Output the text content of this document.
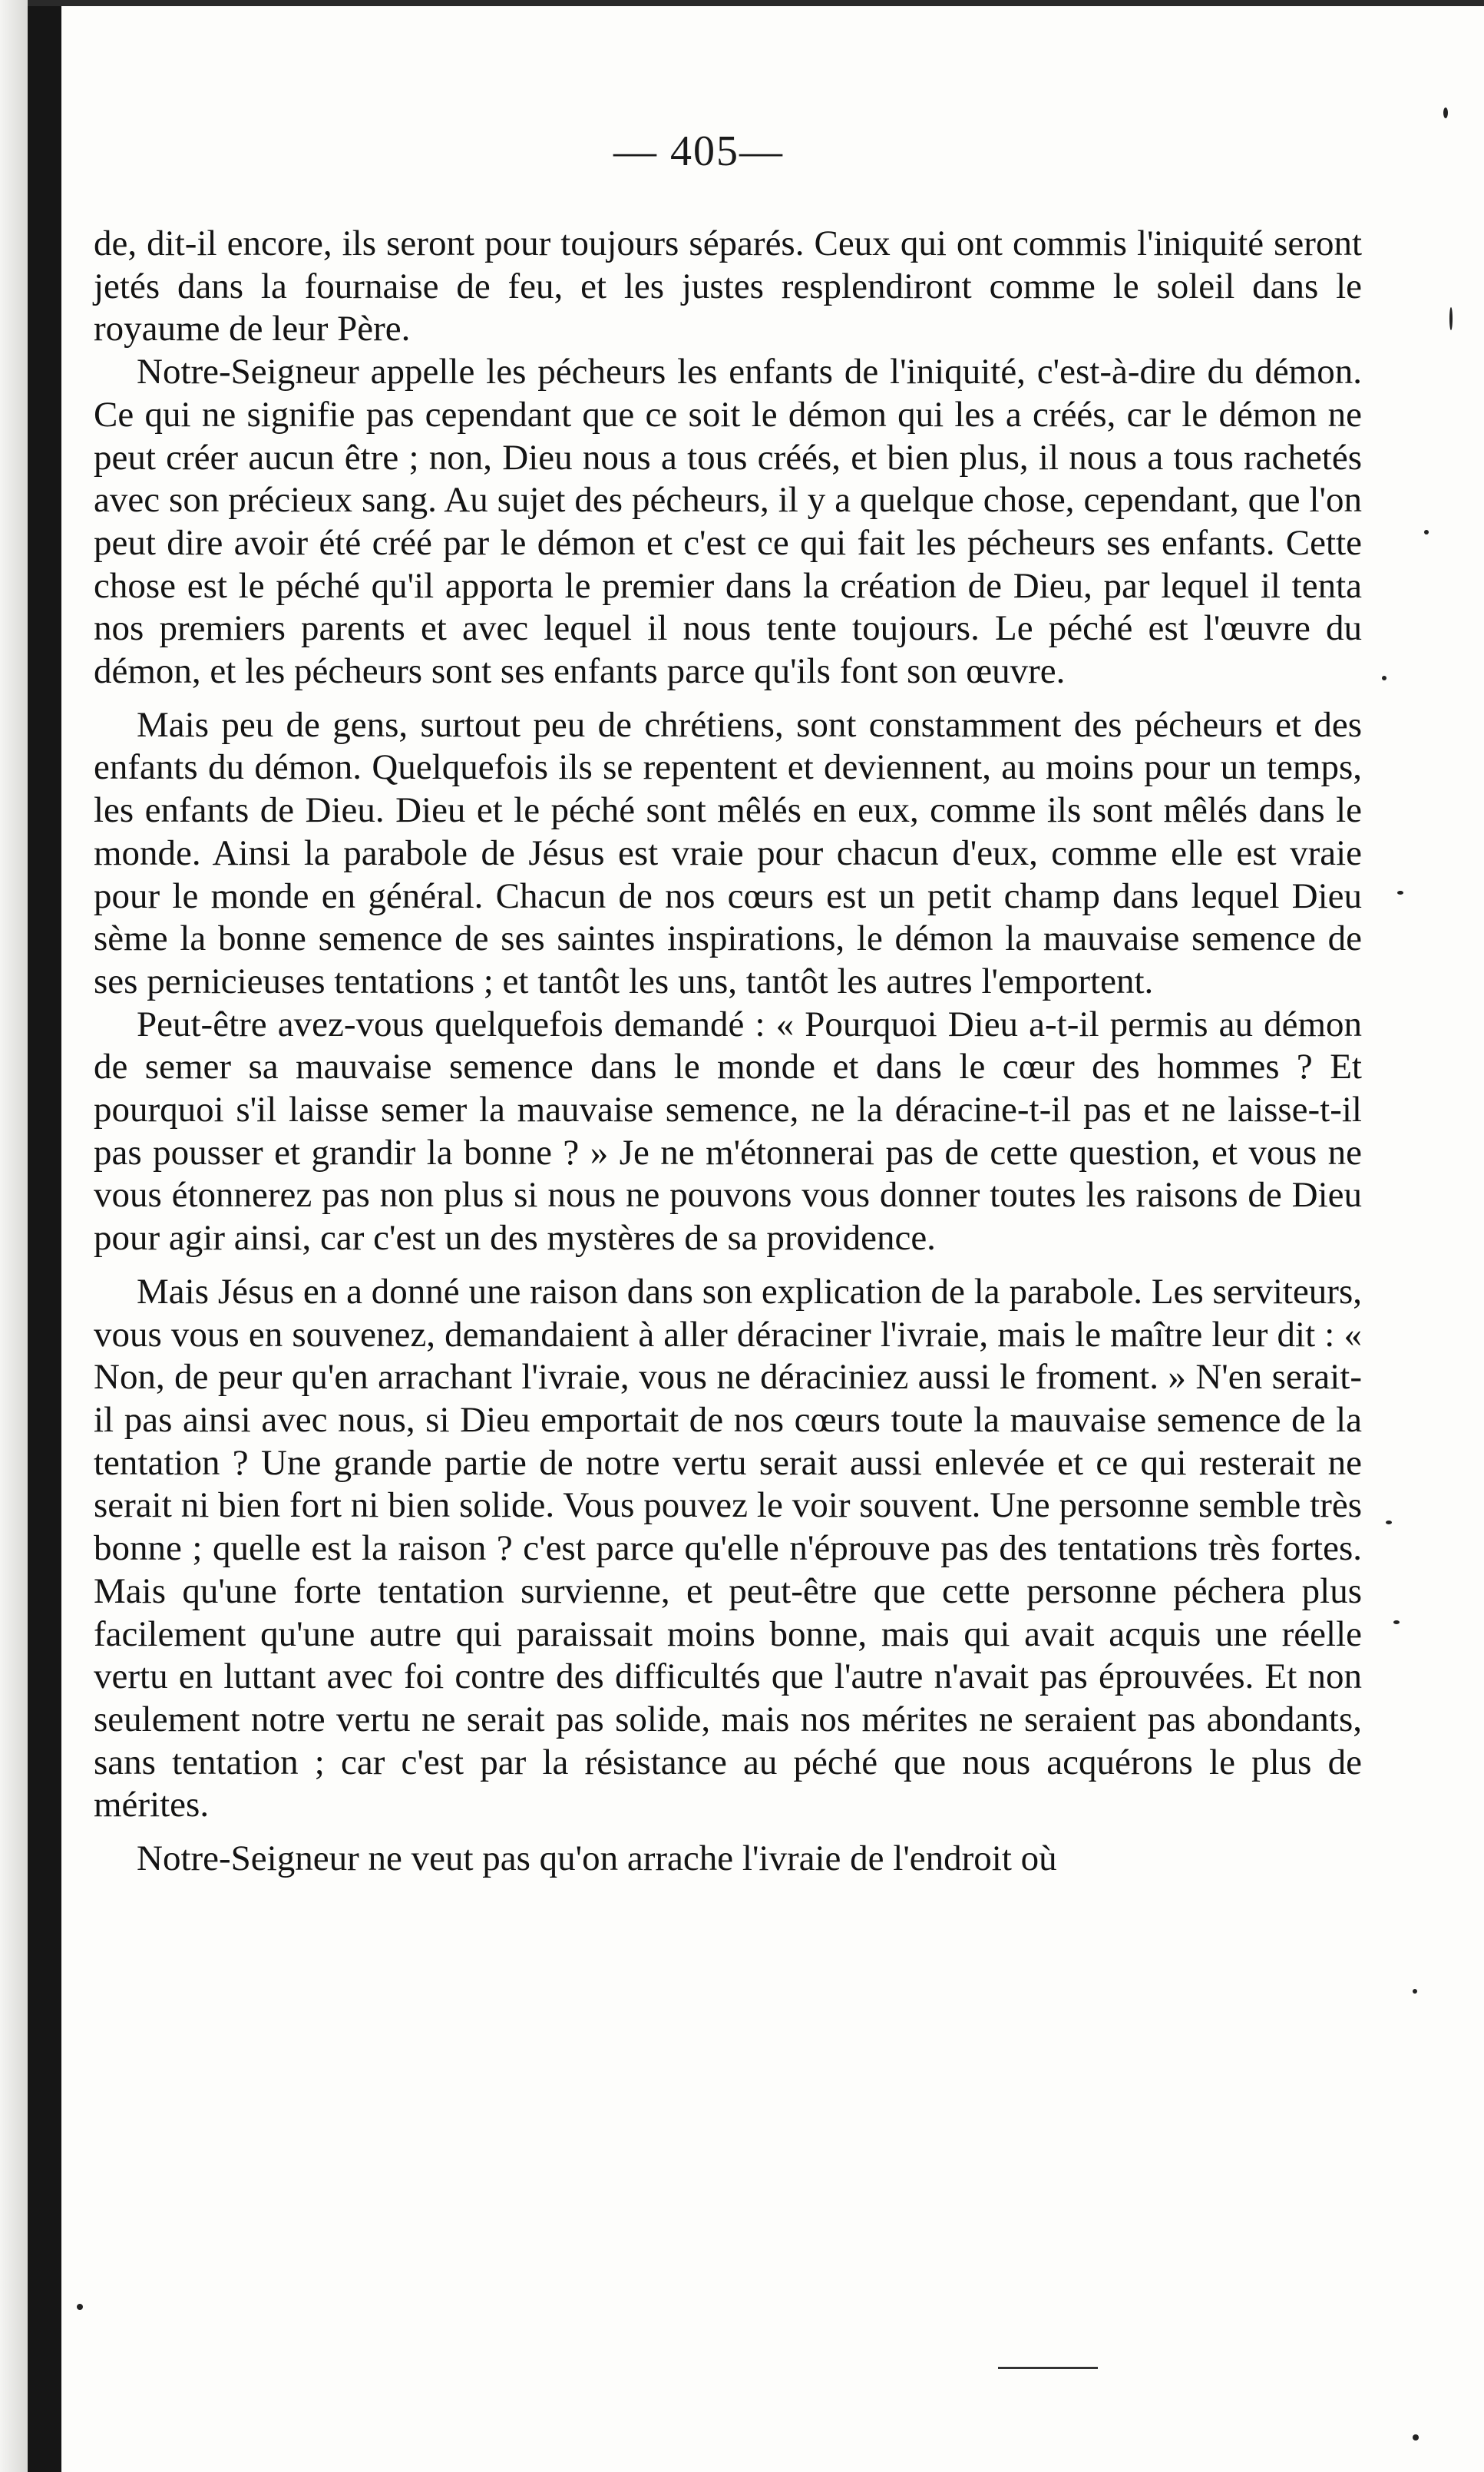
— 405—

de, dit-il encore, ils seront pour toujours séparés. Ceux qui ont commis l'iniquité seront jetés dans la fournaise de feu, et les justes resplendiront comme le soleil dans le royaume de leur Père.

Notre-Seigneur appelle les pécheurs les enfants de l'iniquité, c'est-à-dire du démon. Ce qui ne signifie pas cependant que ce soit le démon qui les a créés, car le démon ne peut créer aucun être ; non, Dieu nous a tous créés, et bien plus, il nous a tous rachetés avec son précieux sang. Au sujet des pécheurs, il y a quelque chose, cependant, que l'on peut dire avoir été créé par le démon et c'est ce qui fait les pécheurs ses enfants. Cette chose est le péché qu'il apporta le premier dans la création de Dieu, par lequel il tenta nos premiers parents et avec lequel il nous tente toujours. Le péché est l'œuvre du démon, et les pécheurs sont ses enfants parce qu'ils font son œuvre.

Mais peu de gens, surtout peu de chrétiens, sont constamment des pécheurs et des enfants du démon. Quelquefois ils se repentent et deviennent, au moins pour un temps, les enfants de Dieu. Dieu et le péché sont mêlés en eux, comme ils sont mêlés dans le monde. Ainsi la parabole de Jésus est vraie pour chacun d'eux, comme elle est vraie pour le monde en général. Chacun de nos cœurs est un petit champ dans lequel Dieu sème la bonne semence de ses saintes inspirations, le démon la mauvaise semence de ses pernicieuses tentations ; et tantôt les uns, tantôt les autres l'emportent.

Peut-être avez-vous quelquefois demandé : « Pourquoi Dieu a-t-il permis au démon de semer sa mauvaise semence dans le monde et dans le cœur des hommes ? Et pourquoi s'il laisse semer la mauvaise semence, ne la déracine-t-il pas et ne laisse-t-il pas pousser et grandir la bonne ? » Je ne m'étonnerai pas de cette question, et vous ne vous étonnerez pas non plus si nous ne pouvons vous donner toutes les raisons de Dieu pour agir ainsi, car c'est un des mystères de sa providence.

Mais Jésus en a donné une raison dans son explication de la parabole. Les serviteurs, vous vous en souvenez, demandaient à aller déraciner l'ivraie, mais le maître leur dit : « Non, de peur qu'en arrachant l'ivraie, vous ne déraciniez aussi le froment. » N'en serait-il pas ainsi avec nous, si Dieu emportait de nos cœurs toute la mauvaise semence de la tentation ? Une grande partie de notre vertu serait aussi enlevée et ce qui resterait ne serait ni bien fort ni bien solide. Vous pouvez le voir souvent. Une personne semble très bonne ; quelle est la raison ? c'est parce qu'elle n'éprouve pas des tentations très fortes. Mais qu'une forte tentation survienne, et peut-être que cette personne péchera plus facilement qu'une autre qui paraissait moins bonne, mais qui avait acquis une réelle vertu en luttant avec foi contre des difficultés que l'autre n'avait pas éprouvées. Et non seulement notre vertu ne serait pas solide, mais nos mérites ne seraient pas abondants, sans tentation ; car c'est par la résistance au péché que nous acquérons le plus de mérites.

Notre-Seigneur ne veut pas qu'on arrache l'ivraie de l'endroit où
